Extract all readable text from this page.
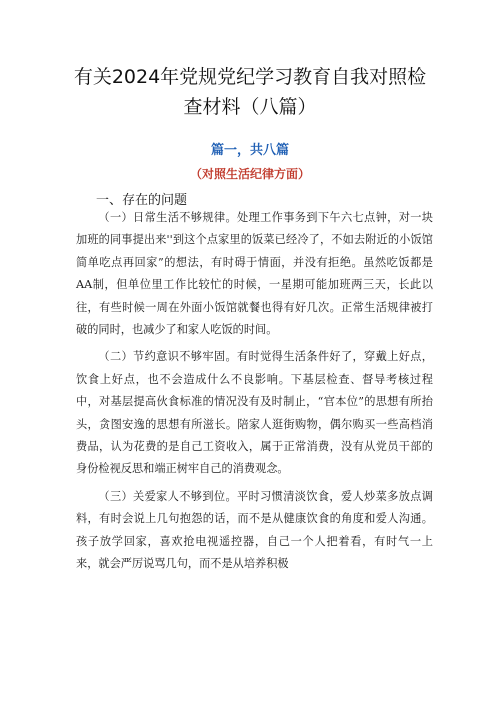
有关2024年党规党纪学习教育自我对照检
查材料（八篇）
篇一，共八篇
（对照生活纪律方面）
一、存在的问题

（一）日常生活不够规律。处理工作事务到下午六七点钟，对一块加班的同事提出来''到这个点家里的饭菜已经冷了，不如去附近的小饭馆简单吃点再回家”的想法，有时碍于情面，并没有拒绝。虽然吃饭都是AA制，但单位里工作比较忙的时候，一星期可能加班两三天，长此以往，有些时候一周在外面小饭馆就餐也得有好几次。正常生活规律被打破的同时，也减少了和家人吃饭的时间。

（二）节约意识不够牢固。有时觉得生活条件好了，穿戴上好点，饮食上好点，也不会造成什么不良影响。下基层检查、督导考核过程中，对基层提高伙食标准的情况没有及时制止，“官本位”的思想有所抬头，贪图安逸的思想有所滋长。陪家人逛街购物，偶尔购买一些高档消费品，认为花费的是自己工资收入，属于正常消费，没有从党员干部的身份检视反思和端正树牢自己的消费观念。

（三）关爱家人不够到位。平时习惯清淡饮食，爱人炒菜多放点调料，有时会说上几句抱怨的话，而不是从健康饮食的角度和爱人沟通。孩子放学回家，喜欢抢电视遥控器，自己一个人把着看，有时气一上来，就会严厉说骂几句，而不是从培养积极
